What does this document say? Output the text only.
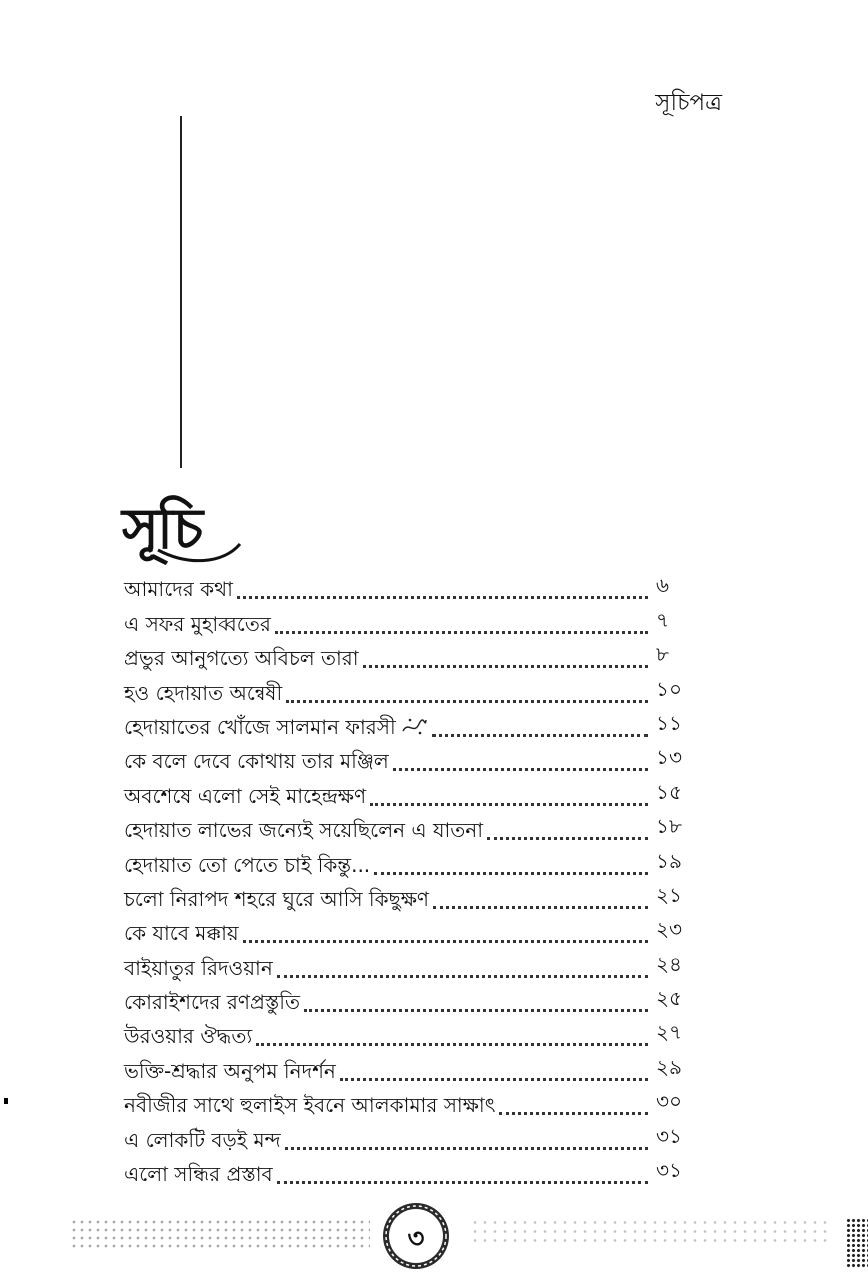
সূচিপত্র
সূচি
আমাদের কথা	৬
এ সফর মুহাব্বতের	৭
প্রভুর আনুগত্যে অবিচল তারা	৮
হও হেদায়াত অন্বেষী	১০
হেদায়াতের খোঁজে সালমান ফারসী	১১
কে বলে দেবে কোথায় তার মঞ্জিল	১৩
অবশেষে এলো সেই মাহেন্দ্রক্ষণ	১৫
হেদায়াত লাভের জন্যেই সয়েছিলেন এ যাতনা	১৮
হেদায়াত তো পেতে চাই কিন্তু...	১৯
চলো নিরাপদ শহরে ঘুরে আসি কিছুক্ষণ	২১
কে যাবে মক্কায়	২৩
বাইয়াতুর রিদওয়ান	২৪
কোরাইশদের রণপ্রস্তুতি	২৫
উরওয়ার ঔদ্ধত্য	২৭
ভক্তি-শ্রদ্ধার অনুপম নিদর্শন	২৯
নবীজীর সাথে হুলাইস ইবনে আলকামার সাক্ষাৎ	৩০
এ লোকটি বড়ই মন্দ	৩১
এলো সন্ধির প্রস্তাব	৩১
৩
